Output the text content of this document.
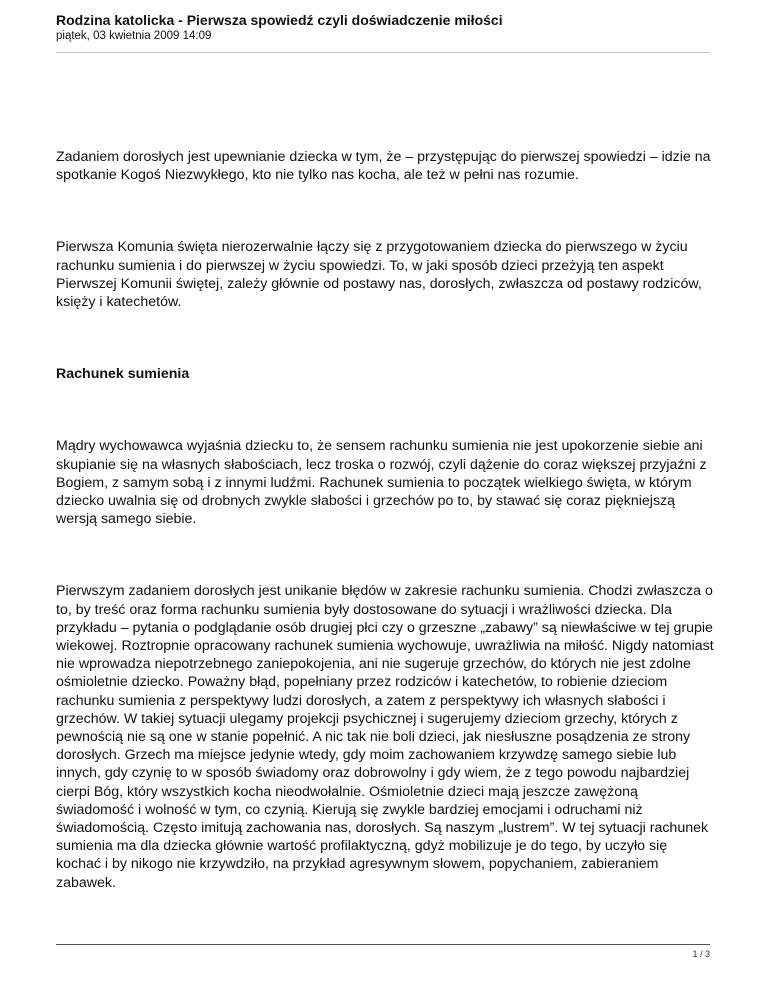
Rodzina katolicka - Pierwsza spowiedź czyli doświadczenie miłości

piątek, 03 kwietnia 2009 14:09

Zadaniem dorosłych jest upewnianie dziecka w tym, że – przystępując do pierwszej spowiedzi – idzie na spotkanie Kogoś Niezwykłego, kto nie tylko nas kocha, ale też w pełni nas rozumie.

Pierwsza Komunia święta nierozerwalnie łączy się z przygotowaniem dziecka do pierwszego w życiu rachunku sumienia i do pierwszej w życiu spowiedzi. To, w jaki sposób dzieci przeżyją ten aspekt Pierwszej Komunii świętej, zależy głównie od postawy nas, dorosłych, zwłaszcza od postawy rodziców, księży i katechetów.

Rachunek sumienia

Mądry wychowawca wyjaśnia dziecku to, że sensem rachunku sumienia nie jest upokorzenie siebie ani skupianie się na własnych słabościach, lecz troska o rozwój, czyli dążenie do coraz większej przyjaźni z Bogiem, z samym sobą i z innymi ludźmi. Rachunek sumienia to początek wielkiego święta, w którym dziecko uwalnia się od drobnych zwykle słabości i grzechów po to, by stawać się coraz piękniejszą wersją samego siebie.

Pierwszym zadaniem dorosłych jest unikanie błędów w zakresie rachunku sumienia. Chodzi zwłaszcza o to, by treść oraz forma rachunku sumienia były dostosowane do sytuacji i wrażliwości dziecka. Dla przykładu – pytania o podglądanie osób drugiej płci czy o grzeszne „zabawy” są niewłaściwe w tej grupie wiekowej. Roztropnie opracowany rachunek sumienia wychowuje, uwrażliwia na miłość. Nigdy natomiast nie wprowadza niepotrzebnego zaniepokojenia, ani nie sugeruje grzechów, do których nie jest zdolne ośmioletnie dziecko. Poważny błąd, popełniany przez rodziców i katechetów, to robienie dzieciom rachunku sumienia z perspektywy ludzi dorosłych, a zatem z perspektywy ich własnych słabości i grzechów. W takiej sytuacji ulegamy projekcji psychicznej i sugerujemy dzieciom grzechy, których z pewnością nie są one w stanie popełnić. A nic tak nie boli dzieci, jak niesłuszne posądzenia ze strony dorosłych. Grzech ma miejsce jedynie wtedy, gdy moim zachowaniem krzywdzę samego siebie lub innych, gdy czynię to w sposób świadomy oraz dobrowolny i gdy wiem, że z tego powodu najbardziej cierpi Bóg, który wszystkich kocha nieodwołalnie. Ośmioletnie dzieci mają jeszcze zawężoną świadomość i wolność w tym, co czynią. Kierują się zwykle bardziej emocjami i odruchami niż świadomością. Często imitują zachowania nas, dorosłych. Są naszym „lustrem”. W tej sytuacji rachunek sumienia ma dla dziecka głównie wartość profilaktyczną, gdyż mobilizuje je do tego, by uczyło się kochać i by nikogo nie krzywdziło, na przykład agresywnym słowem, popychaniem, zabieraniem zabawek.

1 / 3
